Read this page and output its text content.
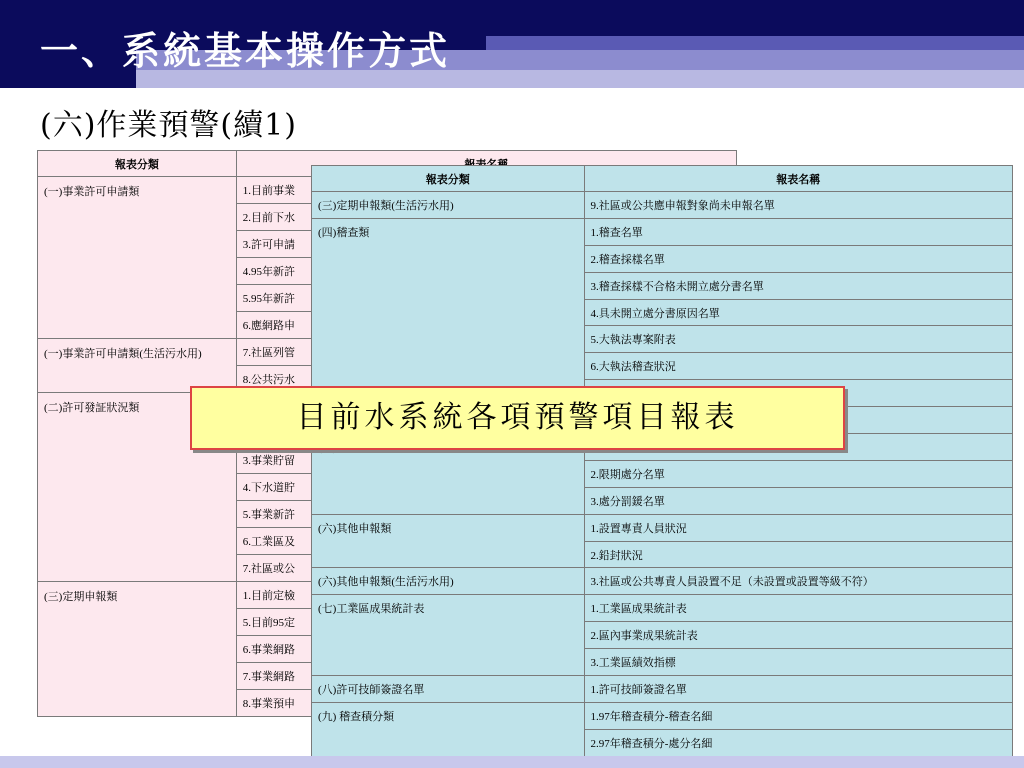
一、系統基本操作方式
(六)作業預警(續1)
報表分類	
(一)事業許可申請類	1.目前事業
	2.目前下水
	3.許可申請
	4.95年新許
	5.95年新許
	6.應網路申
(一)事業許可申請類(生活污水用)	7.社區列管
	8.公共污水
(二)許可發証狀況類	

	3.事業貯留
	4.下水道貯
	5.事業新許
	6.工業區及
	7.社區或公
(三)定期申報類	1.目前定檢
	5.目前95定
	6.事業網路
	7.事業網路
	8.事業預申
報表分類	報表名稱
(三)定期申報類(生活污水用)	9.社區或公共應申報對象尚未申報名單
(四)稽查類	1.稽查名單
	2.稽查採樣名單
	3.稽查採樣不合格未開立處分書名單
	4.具未開立處分書原因名單
	5.大執法專案附表
	6.大執法稽查狀況

	2.限期處分名單
	3.處分罰鍰名單
(六)其他申報類	1.設置專責人員狀況
	2.鉛封狀況
(六)其他申報類(生活污水用)	3.社區或公共專責人員設置不足（未設置或設置等級不符）
(七)工業區成果統計表	1.工業區成果統計表
	2.區內事業成果統計表
	3.工業區績效指標
(八)許可技師簽證名單	1.許可技師簽證名單
(九) 稽查積分類	1.97年稽查積分-稽查名細
	2.97年稽查積分-處分名細
目前水系統各項預警項目報表
